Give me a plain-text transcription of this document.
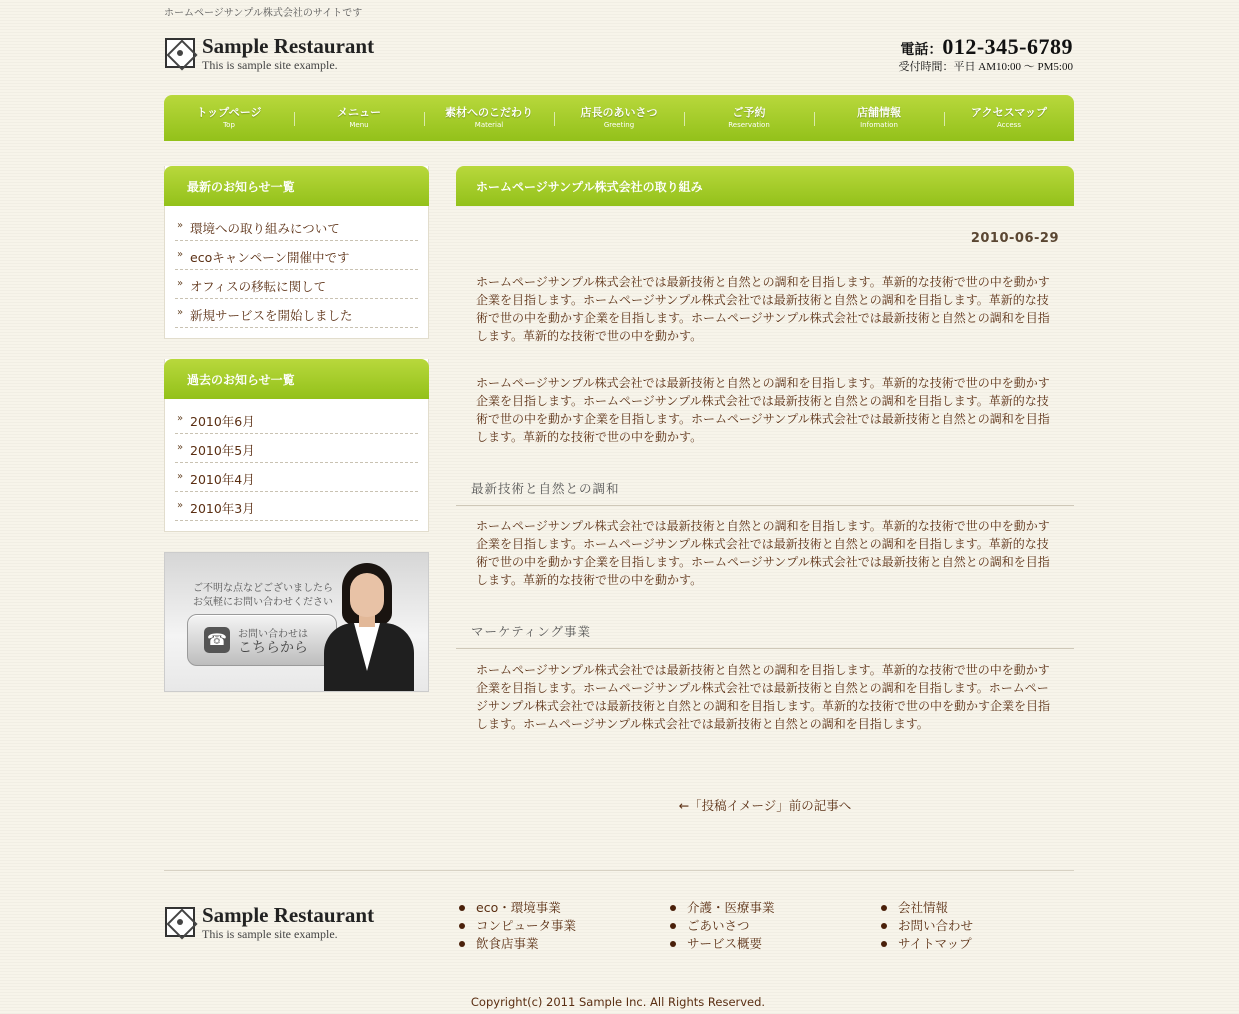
ホームページサンプル株式会社のサイトです
Sample Restaurant
This is sample site example.
電話：012-345-6789
受付時間：平日 AM10:00 〜 PM5:00
トップページ
Top
メニュー
Menu
素材へのこだわり
Material
店長のあいさつ
Greeting
ご予約
Reservation
店舗情報
Infomation
アクセスマップ
Access
最新のお知らせ一覧
» 環境への取り組みについて
» ecoキャンペーン開催中です
» オフィスの移転に関して
» 新規サービスを開始しました
過去のお知らせ一覧
» 2010年6月
» 2010年5月
» 2010年4月
» 2010年3月
ご不明な点などございましたら
お気軽にお問い合わせください
☎	お問い合わせは
こちらから
ホームページサンプル株式会社の取り組み
2010-06-29

ホームページサンプル株式会社では最新技術と自然との調和を目指します。革新的な技術で世の中を動かす企業を目指します。ホームページサンプル株式会社では最新技術と自然との調和を目指します。革新的な技術で世の中を動かす企業を目指します。ホームページサンプル株式会社では最新技術と自然との調和を目指します。革新的な技術で世の中を動かす。

ホームページサンプル株式会社では最新技術と自然との調和を目指します。革新的な技術で世の中を動かす企業を目指します。ホームページサンプル株式会社では最新技術と自然との調和を目指します。革新的な技術で世の中を動かす企業を目指します。ホームページサンプル株式会社では最新技術と自然との調和を目指します。革新的な技術で世の中を動かす。

最新技術と自然との調和

ホームページサンプル株式会社では最新技術と自然との調和を目指します。革新的な技術で世の中を動かす企業を目指します。ホームページサンプル株式会社では最新技術と自然との調和を目指します。革新的な技術で世の中を動かす企業を目指します。ホームページサンプル株式会社では最新技術と自然との調和を目指します。革新的な技術で世の中を動かす。

マーケティング事業

ホームページサンプル株式会社では最新技術と自然との調和を目指します。革新的な技術で世の中を動かす企業を目指します。ホームページサンプル株式会社では最新技術と自然との調和を目指します。ホームページサンプル株式会社では最新技術と自然との調和を目指します。革新的な技術で世の中を動かす企業を目指します。ホームページサンプル株式会社では最新技術と自然との調和を目指します。

←「投稿イメージ」前の記事へ
Sample Restaurant
This is sample site example.
eco・環境事業
コンピュータ事業
飲食店事業
介護・医療事業
ごあいさつ
サービス概要
会社情報
お問い合わせ
サイトマップ
Copyright(c) 2011 Sample Inc. All Rights Reserved.
